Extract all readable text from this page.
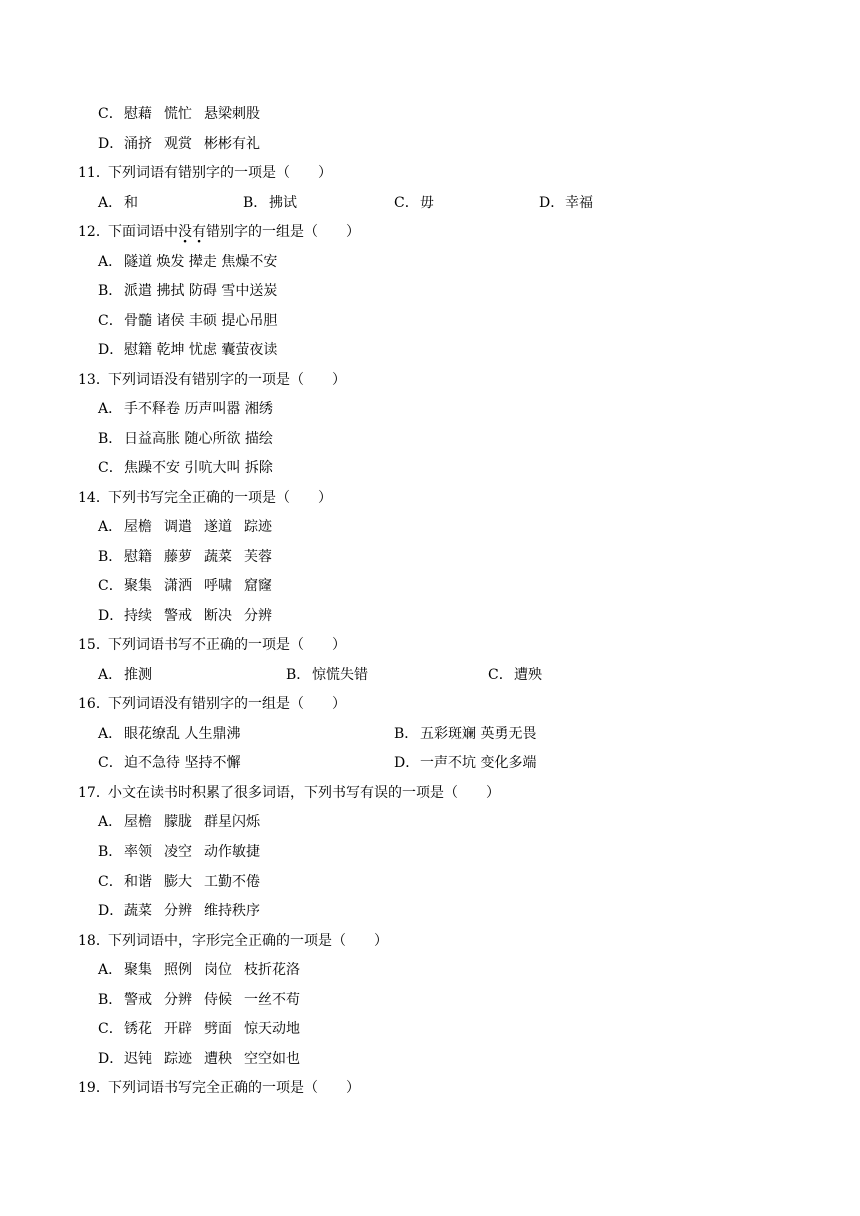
C．慰藉 慌忙 悬梁刺股
D．涌挤 观赏 彬彬有礼
11．下列词语有错别字的一项是（　　）
A． 和	B． 拂试	C．毋	D．幸福
12．下面词语中没有错别字的一组是（　　）
A． 隧道 焕发 撵走 焦燥不安
B． 派遣 拂拭 防碍 雪中送炭
C．骨髓 诸侯 丰硕 提心吊胆
D．慰籍 乾坤 忧虑 囊萤夜读
13．下列词语没有错别字的一项是（　　）
A． 手不释卷 历声叫嚣 湘绣
B． 日益高胀 随心所欲 描绘
C．焦躁不安 引吭大叫 拆除
14．下列书写完全正确的一项是（　　）
A． 屋檐 调遣 遂道 踪迹
B． 慰籍 藤萝 蔬菜 芙蓉
C．聚集 潇洒 呼啸 窟窿
D．持续 警戒 断决 分辨
15．下列词语书写不正确的一项是（　　）
A． 推测	B． 惊慌失错	C．遭殃
16．下列词语没有错别字的一组是（　　）
A． 眼花缭乱 人生鼎沸	B． 五彩斑斓 英勇无畏
C．迫不急待 坚持不懈	D．一声不坑 变化多端
17．小文在读书时积累了很多词语，下列书写有误的一项是（　　）
A． 屋檐 朦胧 群星闪烁
B． 率领 凌空 动作敏捷
C．和谐 膨大 工勤不倦
D．蔬菜 分辨 维持秩序
18．下列词语中，字形完全正确的一项是（　　）
A． 聚集 照例 岗位 枝折花洛
B． 警戒 分辨 侍候 一丝不苟
C．锈花 开辟 劈面 惊天动地
D．迟钝 踪迹 遭秧 空空如也
19．下列词语书写完全正确的一项是（　　）
